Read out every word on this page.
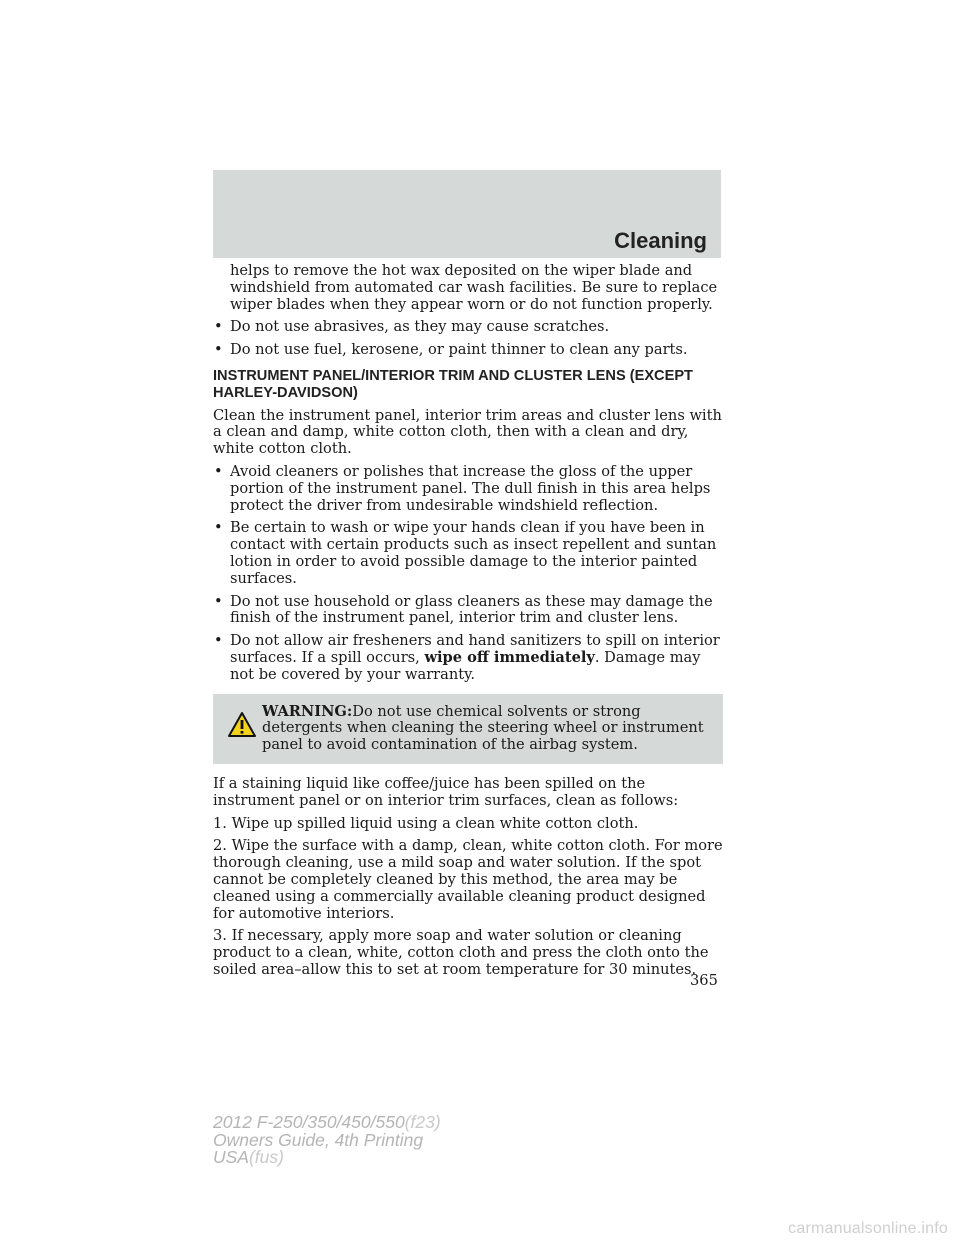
Cleaning

helps to remove the hot wax deposited on the wiper blade and windshield from automated car wash facilities. Be sure to replace wiper blades when they appear worn or do not function properly.

• Do not use abrasives, as they may cause scratches.
• Do not use fuel, kerosene, or paint thinner to clean any parts.
INSTRUMENT PANEL/INTERIOR TRIM AND CLUSTER LENS (EXCEPT HARLEY-DAVIDSON)

Clean the instrument panel, interior trim areas and cluster lens with a clean and damp, white cotton cloth, then with a clean and dry, white cotton cloth.

• Avoid cleaners or polishes that increase the gloss of the upper portion of the instrument panel. The dull finish in this area helps protect the driver from undesirable windshield reflection.
• Be certain to wash or wipe your hands clean if you have been in contact with certain products such as insect repellent and suntan lotion in order to avoid possible damage to the interior painted surfaces.
• Do not use household or glass cleaners as these may damage the finish of the instrument panel, interior trim and cluster lens.
• Do not allow air fresheners and hand sanitizers to spill on interior surfaces. If a spill occurs, wipe off immediately. Damage may not be covered by your warranty.
WARNING:Do not use chemical solvents or strong detergents when cleaning the steering wheel or instrument panel to avoid contamination of the airbag system.

If a staining liquid like coffee/juice has been spilled on the instrument panel or on interior trim surfaces, clean as follows:

1. Wipe up spilled liquid using a clean white cotton cloth.

2. Wipe the surface with a damp, clean, white cotton cloth. For more thorough cleaning, use a mild soap and water solution. If the spot cannot be completely cleaned by this method, the area may be cleaned using a commercially available cleaning product designed for automotive interiors.

3. If necessary, apply more soap and water solution or cleaning product to a clean, white, cotton cloth and press the cloth onto the soiled area–allow this to set at room temperature for 30 minutes.

365
2012 F-250/350/450/550(f23)
Owners Guide, 4th Printing
USA(fus)
carmanualsonline.info
